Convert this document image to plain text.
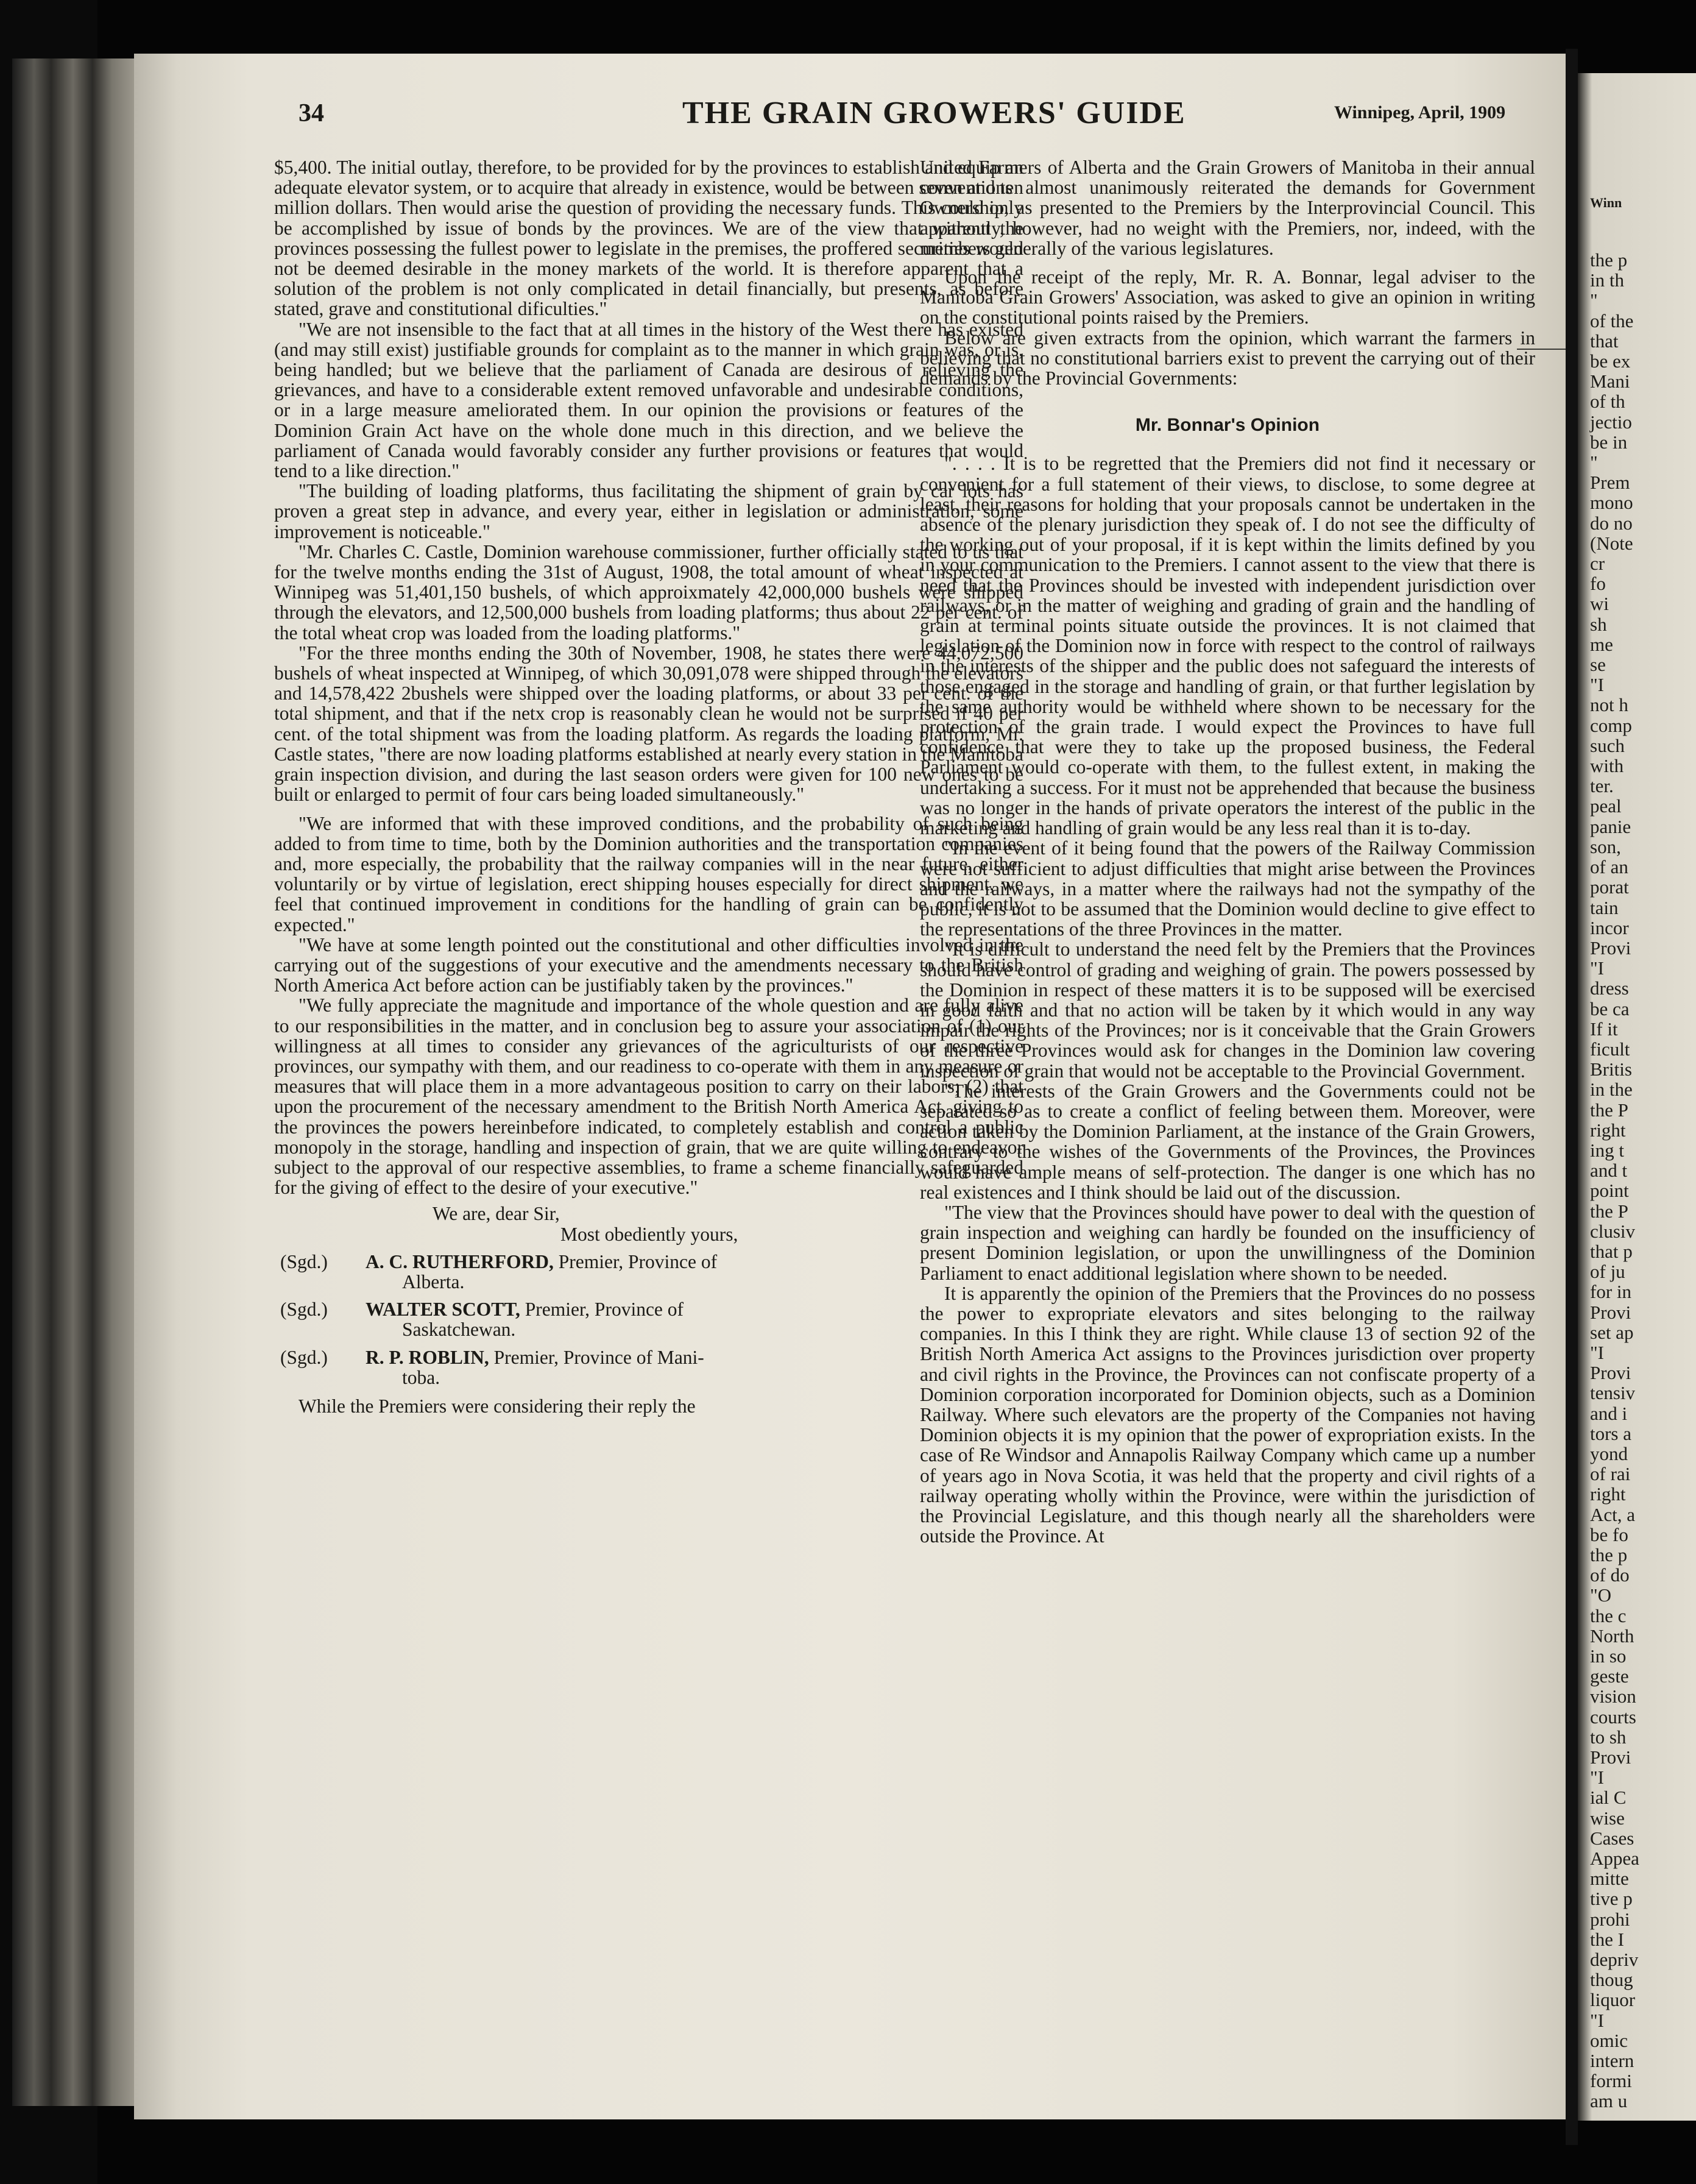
34	THE GRAIN GROWERS' GUIDE	Winnipeg, April, 1909

$5,400. The initial outlay, therefore, to be provided for by the provinces to establish and equip an adequate elevator system, or to acquire that already in existence, would be between seven and ten million dollars. Then would arise the question of providing the necessary funds. This could only be accomplished by issue of bonds by the provinces. We are of the view that without the provinces possessing the fullest power to legislate in the premises, the proffered securities would not be deemed desirable in the money markets of the world. It is therefore apparent that a solution of the problem is not only complicated in detail financially, but presents, as before stated, grave and constitutional dificulties."

"We are not insensible to the fact that at all times in the history of the West there has existed (and may still exist) justifiable grounds for complaint as to the manner in which grain was, or is, being handled; but we believe that the parliament of Canada are desirous of relieving the grievances, and have to a considerable extent removed unfavorable and undesirable conditions, or in a large measure ameliorated them. In our opinion the provisions or features of the Dominion Grain Act have on the whole done much in this direction, and we believe the parliament of Canada would favorably consider any further provisions or features that would tend to a like direction."

"The building of loading platforms, thus facilitating the shipment of grain by car lots has proven a great step in advance, and every year, either in legislation or administration, some improvement is noticeable."

"Mr. Charles C. Castle, Dominion warehouse commissioner, further officially stated to us that for the twelve months ending the 31st of August, 1908, the total amount of wheat inspected at Winnipeg was 51,401,150 bushels, of which approixmately 42,000,000 bushels were shipped through the elevators, and 12,500,000 bushels from loading platforms; thus about 22 per cent. of the total wheat crop was loaded from the loading platforms."

"For the three months ending the 30th of November, 1908, he states there were 44,072,500 bushels of wheat inspected at Winnipeg, of which 30,091,078 were shipped through the elevators and 14,578,422 2bushels were shipped over the loading platforms, or about 33 per cent. of the total shipment, and that if the netx crop is reasonably clean he would not be surprised if 40 per cent. of the total shipment was from the loading platform. As regards the loading platform, Mr. Castle states, "there are now loading platforms established at nearly every station in the Manitoba grain inspection division, and during the last season orders were given for 100 new ones to be built or enlarged to permit of four cars being loaded simultaneously."

"We are informed that with these improved conditions, and the probability of such being added to from time to time, both by the Dominion authorities and the transportation companies and, more especially, the probability that the railway companies will in the near future, either voluntarily or by virtue of legislation, erect shipping houses especially for direct shipment, we feel that continued improvement in conditions for the handling of grain can be confidently expected."

"We have at some length pointed out the constitutional and other difficulties involved in the carrying out of the suggestions of your executive and the amendments necessary to the British North America Act before action can be justifiably taken by the provinces."

"We fully appreciate the magnitude and importance of the whole question and are fully alive to our responsibilities in the matter, and in conclusion beg to assure your association of (1) our willingness at all times to consider any grievances of the agriculturists of our respective provinces, our sympathy with them, and our readiness to co-operate with them in any measure or measures that will place them in a more advantageous position to carry on their labors; (2) that upon the procurement of the necessary amendment to the British North America Act, giving to the provinces the powers hereinbefore indicated, to completely establish and control a public monopoly in the storage, handling and inspection of grain, that we are quite willing to endeavor subject to the approval of our respective assemblies, to frame a scheme financially safeguarded for the giving of effect to the desire of your executive."

We are, dear Sir,
Most obediently yours,
(Sgd.)	A. C. RUTHERFORD, Premier, Province of
Alberta.
(Sgd.)	WALTER SCOTT, Premier, Province of
Saskatchewan.
(Sgd.)	R. P. ROBLIN, Premier, Province of Mani-
toba.

While the Premiers were considering their reply the

United Farmers of Alberta and the Grain Growers of Manitoba in their annual conventions almost unanimously reiterated the demands for Government Ownership, as presented to the Premiers by the Interprovincial Council. This apparently, however, had no weight with the Premiers, nor, indeed, with the members generally of the various legislatures.

Upon the receipt of the reply, Mr. R. A. Bonnar, legal adviser to the Manitoba Grain Growers' Association, was asked to give an opinion in writing on the constitutional points raised by the Premiers.

Below are given extracts from the opinion, which warrant the farmers in believing that no constitutional barriers exist to prevent the carrying out of their demands by the Provincial Governments:

Mr. Bonnar's Opinion

". . . . It is to be regretted that the Premiers did not find it necessary or convenient for a full statement of their views, to disclose, to some degree at least, their reasons for holding that your proposals cannot be undertaken in the absence of the plenary jurisdiction they speak of. I do not see the difficulty of the working out of your proposal, if it is kept within the limits defined by you in your communication to the Premiers. I cannot assent to the view that there is need that the Provinces should be invested with independent jurisdiction over railways, or in the matter of weighing and grading of grain and the handling of grain at terminal points situate outside the provinces. It is not claimed that legislation of the Dominion now in force with respect to the control of railways in the interests of the shipper and the public does not safeguard the interests of those engaged in the storage and handling of grain, or that further legislation by the same authority would be withheld where shown to be necessary for the protection of the grain trade. I would expect the Provinces to have full confidence that were they to take up the proposed business, the Federal Parliament would co-operate with them, to the fullest extent, in making the undertaking a success. For it must not be apprehended that because the business was no longer in the hands of private operators the interest of the public in the marketing and handling of grain would be any less real than it is to-day.

"In the event of it being found that the powers of the Railway Commission were not sufficient to adjust difficulties that might arise between the Provinces and the railways, in a matter where the railways had not the sympathy of the public, it is not to be assumed that the Dominion would decline to give effect to the representations of the three Provinces in the matter.

"It is difficult to understand the need felt by the Premiers that the Provinces should have control of grading and weighing of grain. The powers possessed by the Dominion in respect of these matters it is to be supposed will be exercised in good faith and that no action will be taken by it which would in any way impair the rights of the Provinces; nor is it conceivable that the Grain Growers of the three Provinces would ask for changes in the Dominion law covering inspection of grain that would not be acceptable to the Provincial Government.

"The interests of the Grain Growers and the Governments could not be separated so as to create a conflict of feeling between them. Moreover, were action taken by the Dominion Parliament, at the instance of the Grain Growers, contrary to the wishes of the Governments of the Provinces, the Provinces would have ample means of self-protection. The danger is one which has no real existences and I think should be laid out of the discussion.

"The view that the Provinces should have power to deal with the question of grain inspection and weighing can hardly be founded on the insufficiency of present Dominion legislation, or upon the unwillingness of the Dominion Parliament to enact additional legislation where shown to be needed.

It is apparently the opinion of the Premiers that the Provinces do no possess the power to expropriate elevators and sites belonging to the railway companies. In this I think they are right. While clause 13 of section 92 of the British North America Act assigns to the Provinces jurisdiction over property and civil rights in the Province, the Provinces can not confiscate property of a Dominion corporation incorporated for Dominion objects, such as a Dominion Railway. Where such elevators are the property of the Companies not having Dominion objects it is my opinion that the power of expropriation exists. In the case of Re Windsor and Annapolis Railway Company which came up a number of years ago in Nova Scotia, it was held that the property and civil rights of a railway operating wholly within the Province, were within the jurisdiction of the Provincial Legislature, and this though nearly all the shareholders were outside the Province. At

Winn
the p
in th
"
of the
that
be ex
Mani
of th
jectio
be in
"
Prem
mono
do no
(Note
cr
fo
wi
sh
me
se
"I
not h
comp
such
with
ter.
peal
panie
son,
of an
porat
tain
incor
Provi
"I
dress
be ca
If it
ficult
Britis
in the
the P
right
ing t
and t
point
the P
clusiv
that p
of ju
for in
Provi
set ap
"I
Provi
tensiv
and i
tors a
yond
of rai
right
Act, a
be fo
the p
of do
"O
the c
North
in so
geste
vision
courts
to sh
Provi
"I
ial C
wise
Cases
Appea
mitte
tive p
prohi
the I
depriv
thoug
liquor
"I
omic
intern
formi
am u
